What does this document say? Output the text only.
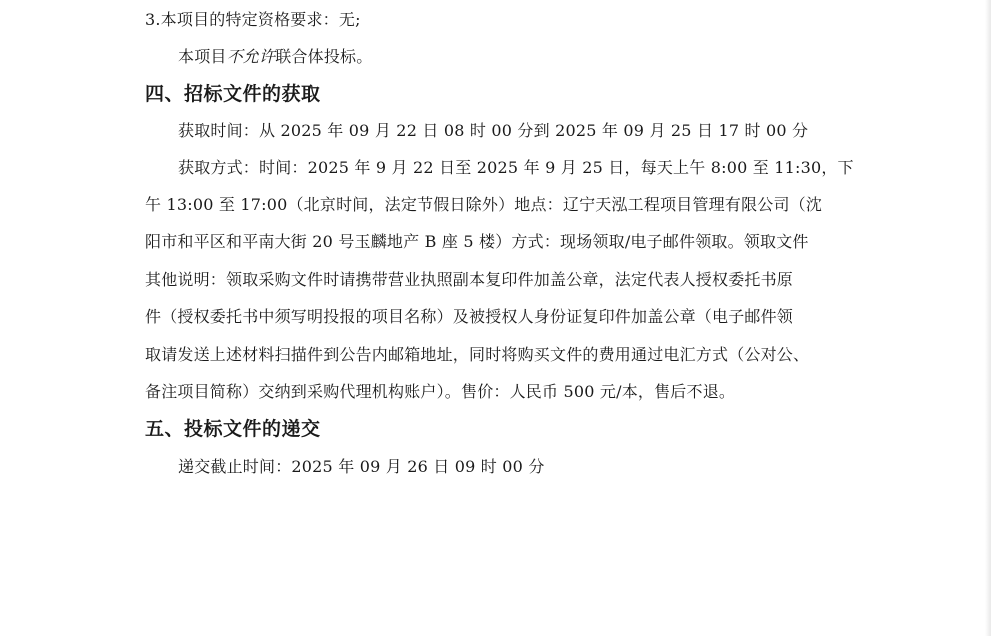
3.本项目的特定资格要求：无;
本项目不允许联合体投标。
四、招标文件的获取
获取时间：从 2025 年 09 月 22 日 08 时 00 分到 2025 年 09 月 25 日 17 时 00 分
获取方式：时间：2025 年 9 月 22 日至 2025 年 9 月 25 日，每天上午 8:00 至 11:30，下
午 13:00 至 17:00（北京时间，法定节假日除外）地点：辽宁天泓工程项目管理有限公司（沈
阳市和平区和平南大街 20 号玉麟地产 B 座 5 楼）方式：现场领取/电子邮件领取。领取文件
其他说明：领取采购文件时请携带营业执照副本复印件加盖公章，法定代表人授权委托书原
件（授权委托书中须写明投报的项目名称）及被授权人身份证复印件加盖公章（电子邮件领
取请发送上述材料扫描件到公告内邮箱地址，同时将购买文件的费用通过电汇方式（公对公、
备注项目简称）交纳到采购代理机构账户）。售价：人民币 500 元/本，售后不退。
五、投标文件的递交
递交截止时间：2025 年 09 月 26 日 09 时 00 分
